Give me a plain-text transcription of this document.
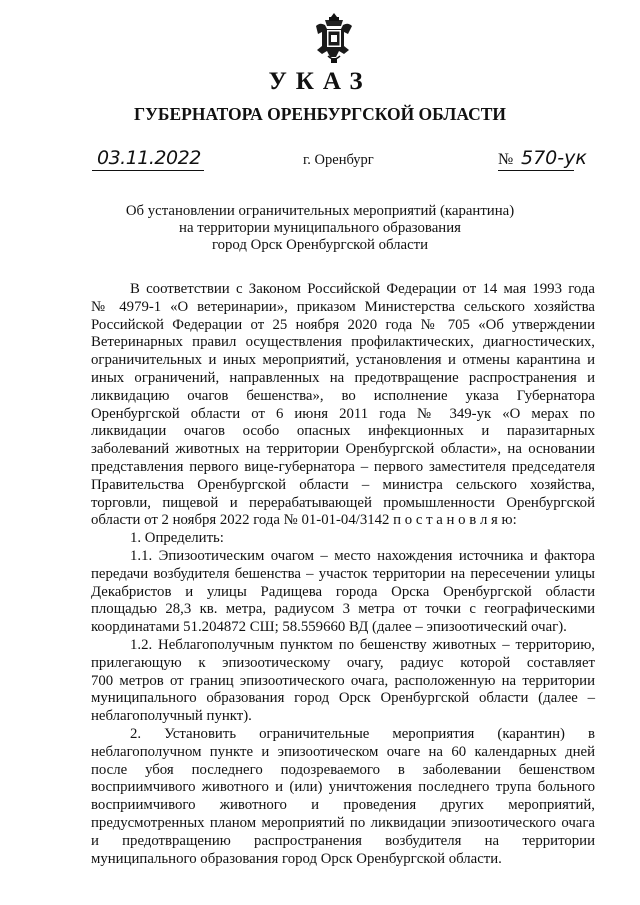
УКАЗ
ГУБЕРНАТОРА ОРЕНБУРГСКОЙ ОБЛАСТИ
03.11.2022	г. Оренбург	№ 570-ук
Об установлении ограничительных мероприятий (карантина)
на территории муниципального образования
город Орск Оренбургской области

В соответствии с Законом Российской Федерации от 14 мая 1993 года

№ 4979-1 «О ветеринарии», приказом Министерства сельского хозяйства

Российской Федерации от 25 ноября 2020 года № 705 «Об утверждении

Ветеринарных правил осуществления профилактических, диагностических,

ограничительных и иных мероприятий, установления и отмены карантина и

иных ограничений, направленных на предотвращение распространения и

ликвидацию очагов бешенства», во исполнение указа Губернатора

Оренбургской области от 6 июня 2011 года № 349-ук «О мерах по

ликвидации очагов особо опасных инфекционных и паразитарных

заболеваний животных на территории Оренбургской области», на основании

представления первого вице-губернатора – первого заместителя председателя

Правительства Оренбургской области – министра сельского хозяйства,

торговли, пищевой и перерабатывающей промышленности Оренбургской

области от 2 ноября 2022 года № 01-01-04/3142 п о с т а н о в л я ю:

1. Определить:

1.1. Эпизоотическим очагом – место нахождения источника и фактора

передачи возбудителя бешенства – участок территории на пересечении улицы

Декабристов и улицы Радищева города Орска Оренбургской области

площадью 28,3 кв. метра, радиусом 3 метра от точки с географическими

координатами 51.204872 СШ; 58.559660 ВД (далее – эпизоотический очаг).

1.2. Неблагополучным пунктом по бешенству животных – территорию,

прилегающую к эпизоотическому очагу, радиус которой составляет

700 метров от границ эпизоотического очага, расположенную на территории

муниципального образования город Орск Оренбургской области (далее –

неблагополучный пункт).

2. Установить ограничительные мероприятия (карантин) в

неблагополучном пункте и эпизоотическом очаге на 60 календарных дней

после убоя последнего подозреваемого в заболевании бешенством

восприимчивого животного и (или) уничтожения последнего трупа больного

восприимчивого животного и проведения других мероприятий,

предусмотренных планом мероприятий по ликвидации эпизоотического очага

и предотвращению распространения возбудителя на территории

муниципального образования город Орск Оренбургской области.
